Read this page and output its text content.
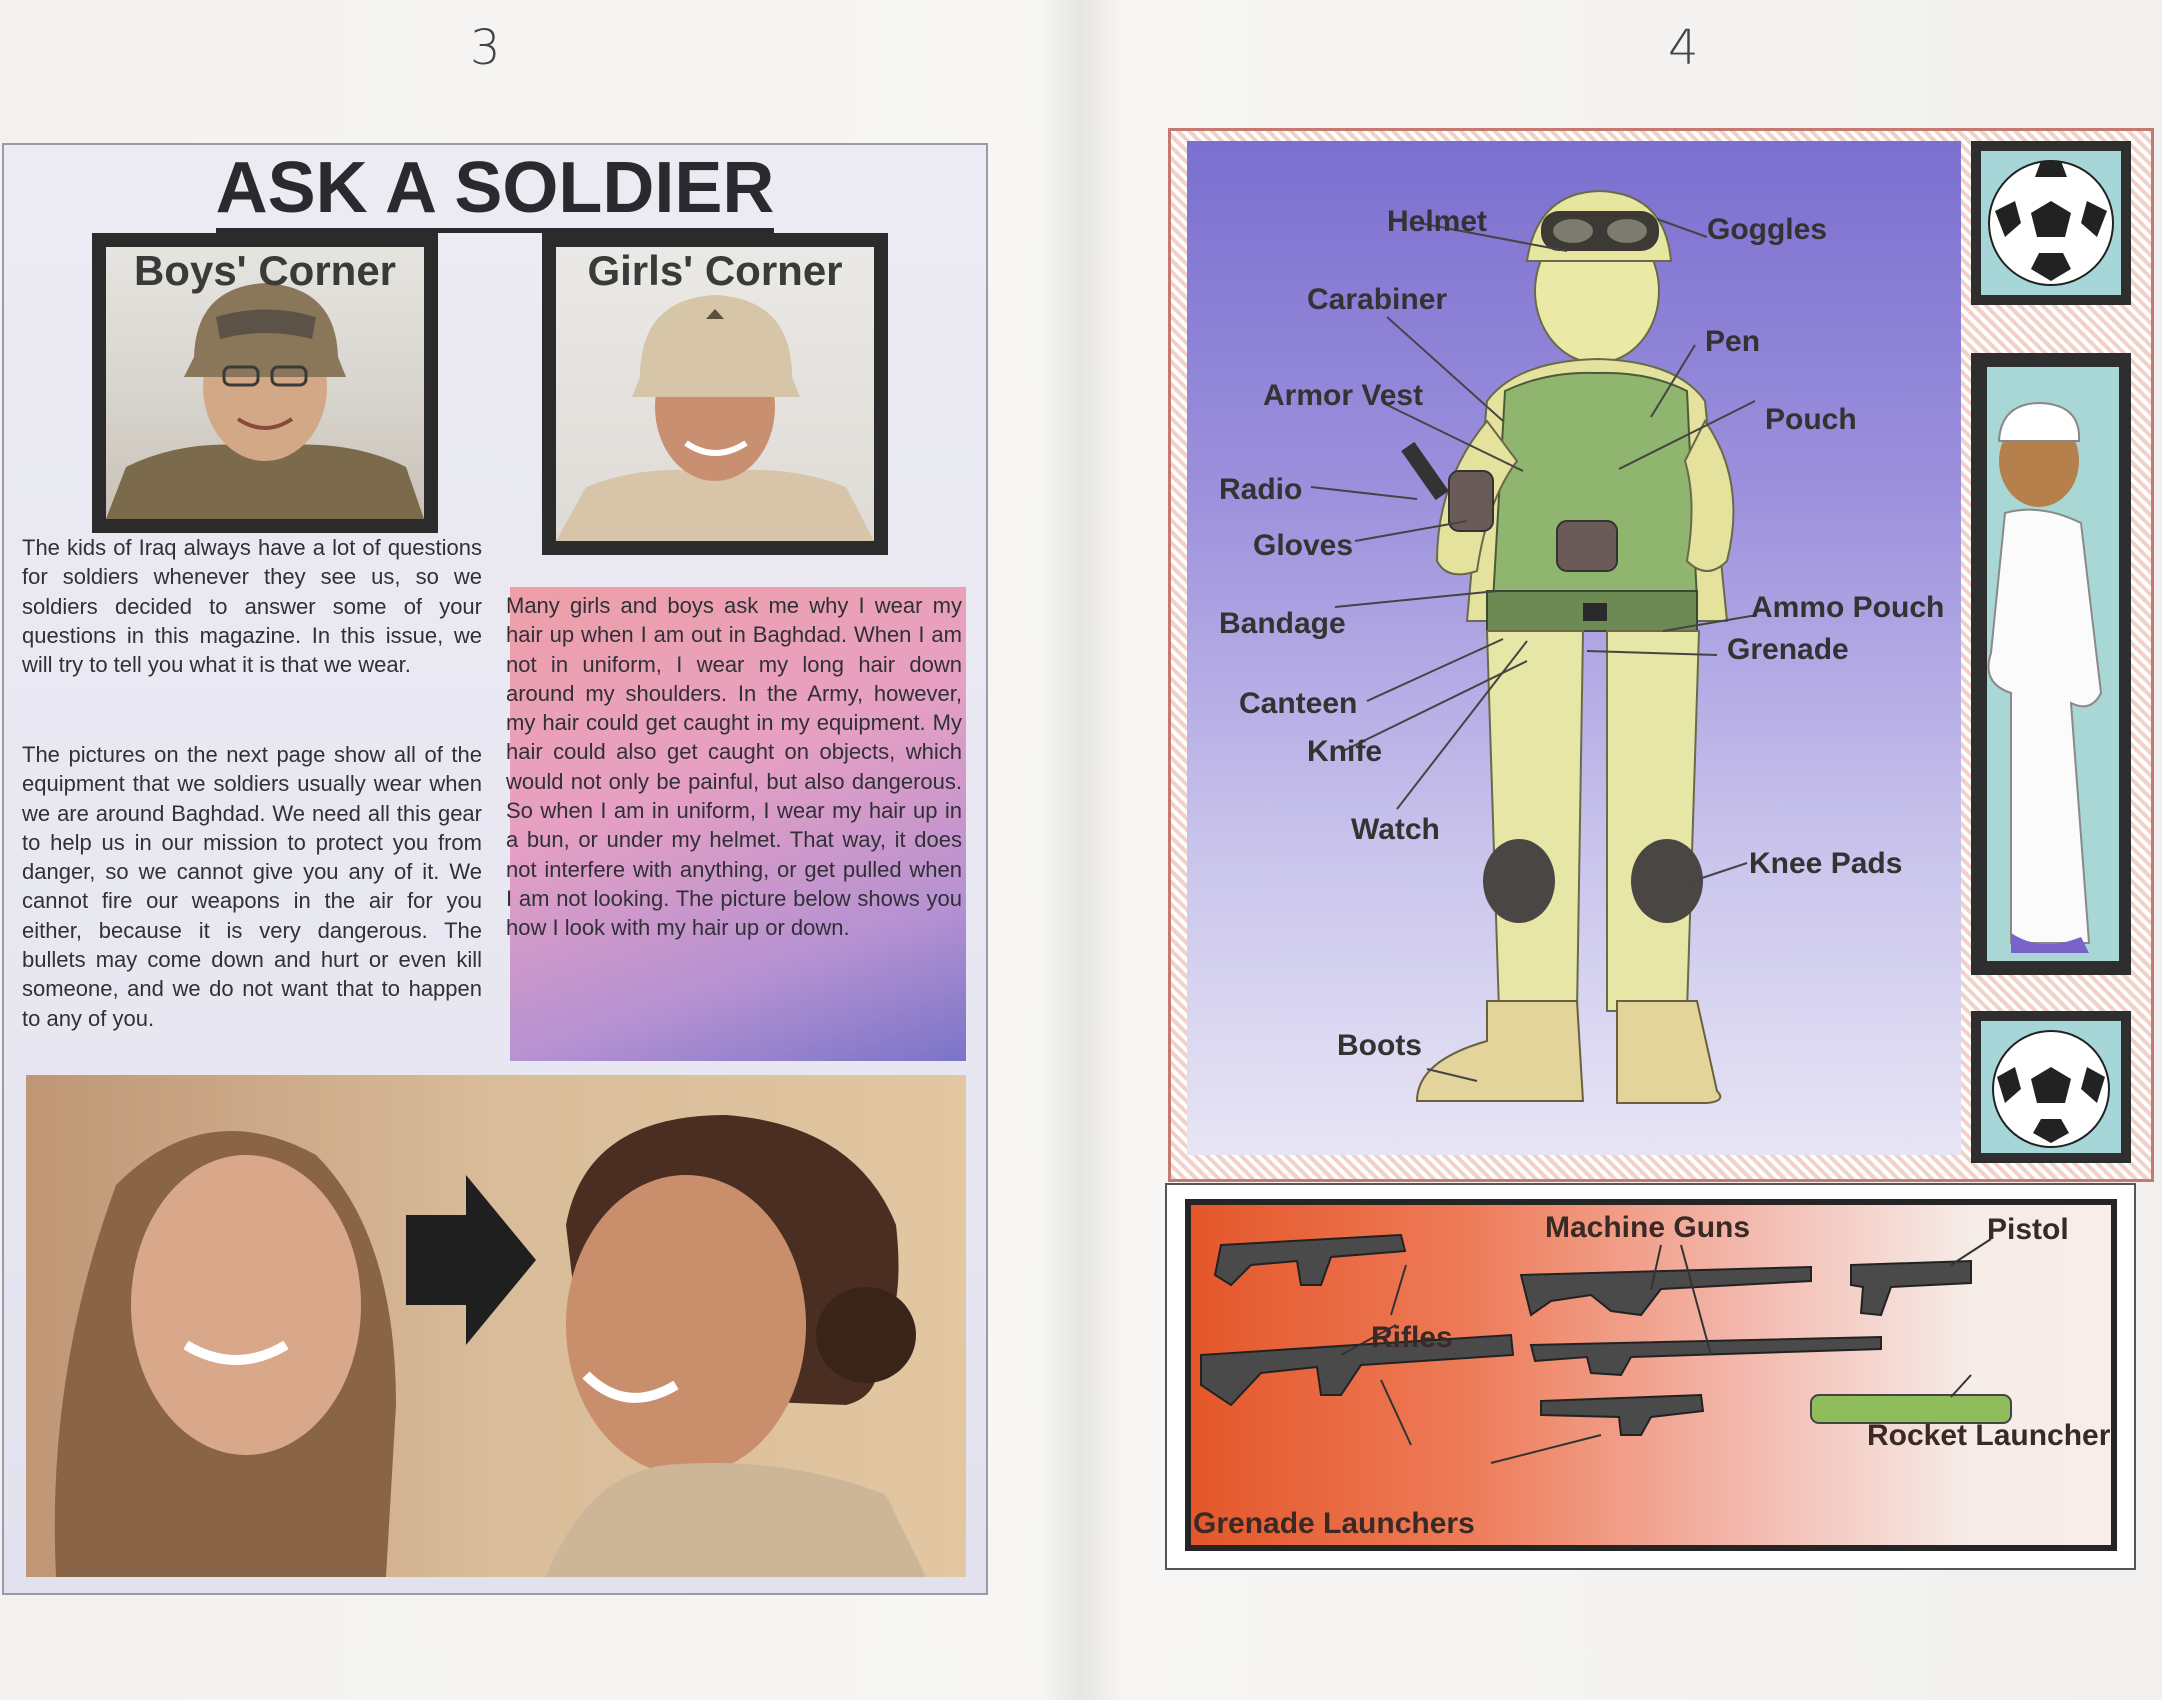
3	4
ASK A SOLDIER
Boys' Corner	Girls' Corner
The kids of Iraq always have a lot of questions for soldiers whenever they see us, so we soldiers decided to answer some of your questions in this magazine. In this issue, we will try to tell you what it is that we wear.
The pictures on the next page show all of the equipment that we soldiers usually wear when we are around Baghdad. We need all this gear to help us in our mission to protect you from danger, so we cannot give you any of it. We cannot fire our weapons in the air for you either, because it is very dangerous. The bullets may come down and hurt or even kill someone, and we do not want that to happen to any of you.
Many girls and boys ask me why I wear my hair up when I am out in Baghdad. When I am not in uniform, I wear my long hair down around my shoulders. In the Army, however, my hair could get caught in my equipment. My hair could also get caught on objects, which would not only be painful, but also dangerous. So when I am in uniform, I wear my hair up in a bun, or under my helmet. That way, it does not interfere with anything, or get pulled when I am not looking. The picture below shows you how I look with my hair up or down.
Helmet	Goggles
Carabiner
Pen
Armor Vest
Pouch
Radio
Gloves
Bandage	Ammo Pouch
Grenade
Canteen
Knife
Watch
Knee Pads
Boots
Machine Guns	Pistol
Rifles
Rocket Launcher
Grenade Launchers
